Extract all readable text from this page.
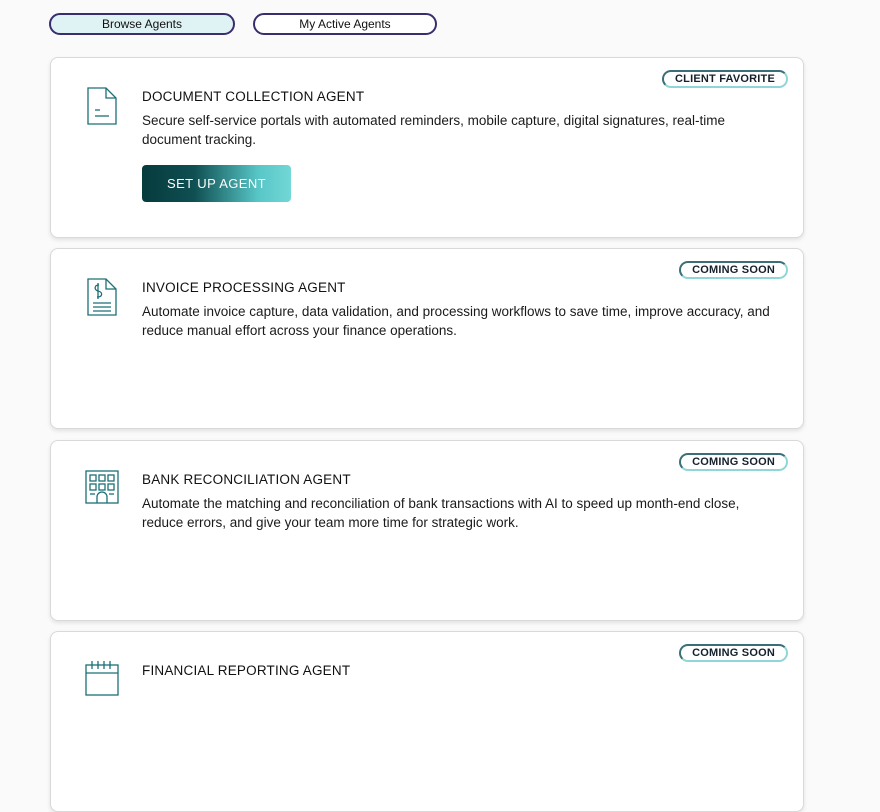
Browse Agents	My Active Agents
DOCUMENT COLLECTION AGENT
Secure self-service portals with automated reminders, mobile capture, digital signatures, real-time document tracking.
CLIENT FAVORITE
SET UP AGENT
INVOICE PROCESSING AGENT
Automate invoice capture, data validation, and processing workflows to save time, improve accuracy, and reduce manual effort across your finance operations.
COMING SOON
BANK RECONCILIATION AGENT
Automate the matching and reconciliation of bank transactions with AI to speed up month-end close, reduce errors, and give your team more time for strategic work.
COMING SOON
FINANCIAL REPORTING AGENT
COMING SOON
